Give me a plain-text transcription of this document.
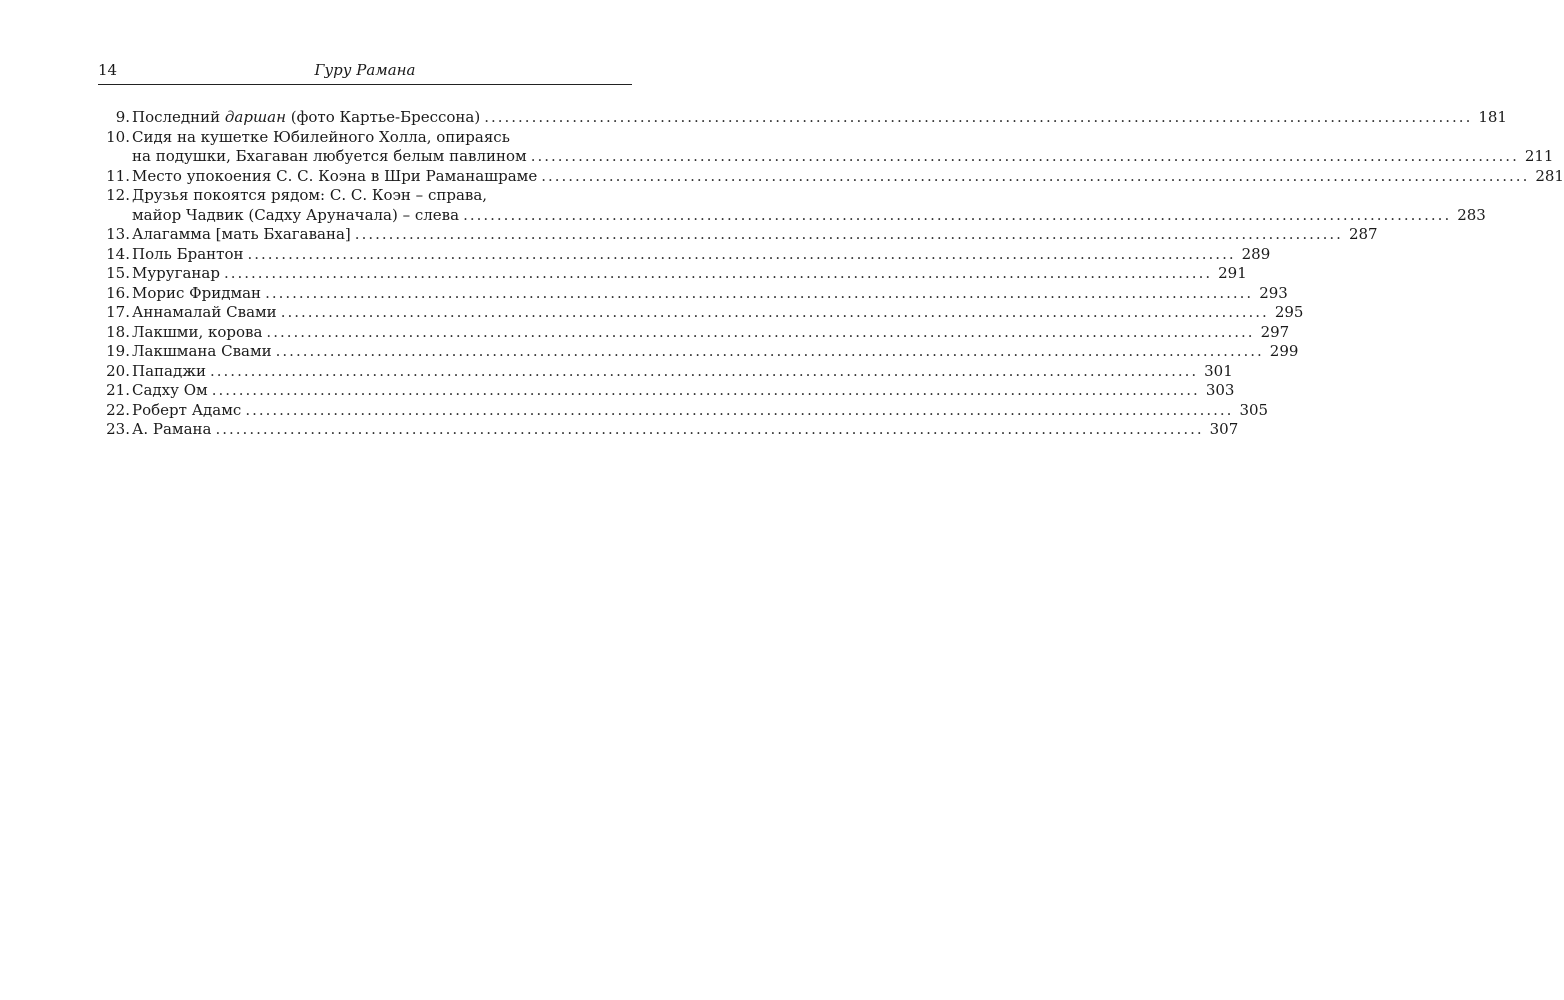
14	Гуру Рамана
9. Последний даршан (фото Картье-Брессона) .....	181
10. Сидя на кушетке Юбилейного Холла, опираясь
на подушки, Бхагаван любуется белым павлином .....	211
11. Место упокоения С. С. Коэна в Шри Раманашраме .....	281
12. Друзья покоятся рядом: С. С. Коэн – справа,
майор Чадвик (Садху Аруначала) – слева .....	283
13. Алагамма [мать Бхагавана] .....	287
14. Поль Брантон .....	289
15. Муруганар .....	291
16. Морис Фридман .....	293
17. Аннамалай Свами .....	295
18. Лакшми, корова .....	297
19. Лакшмана Свами .....	299
20. Пападжи .....	301
21. Садху Ом .....	303
22. Роберт Адамс .....	305
23. А. Рамана .....	307
